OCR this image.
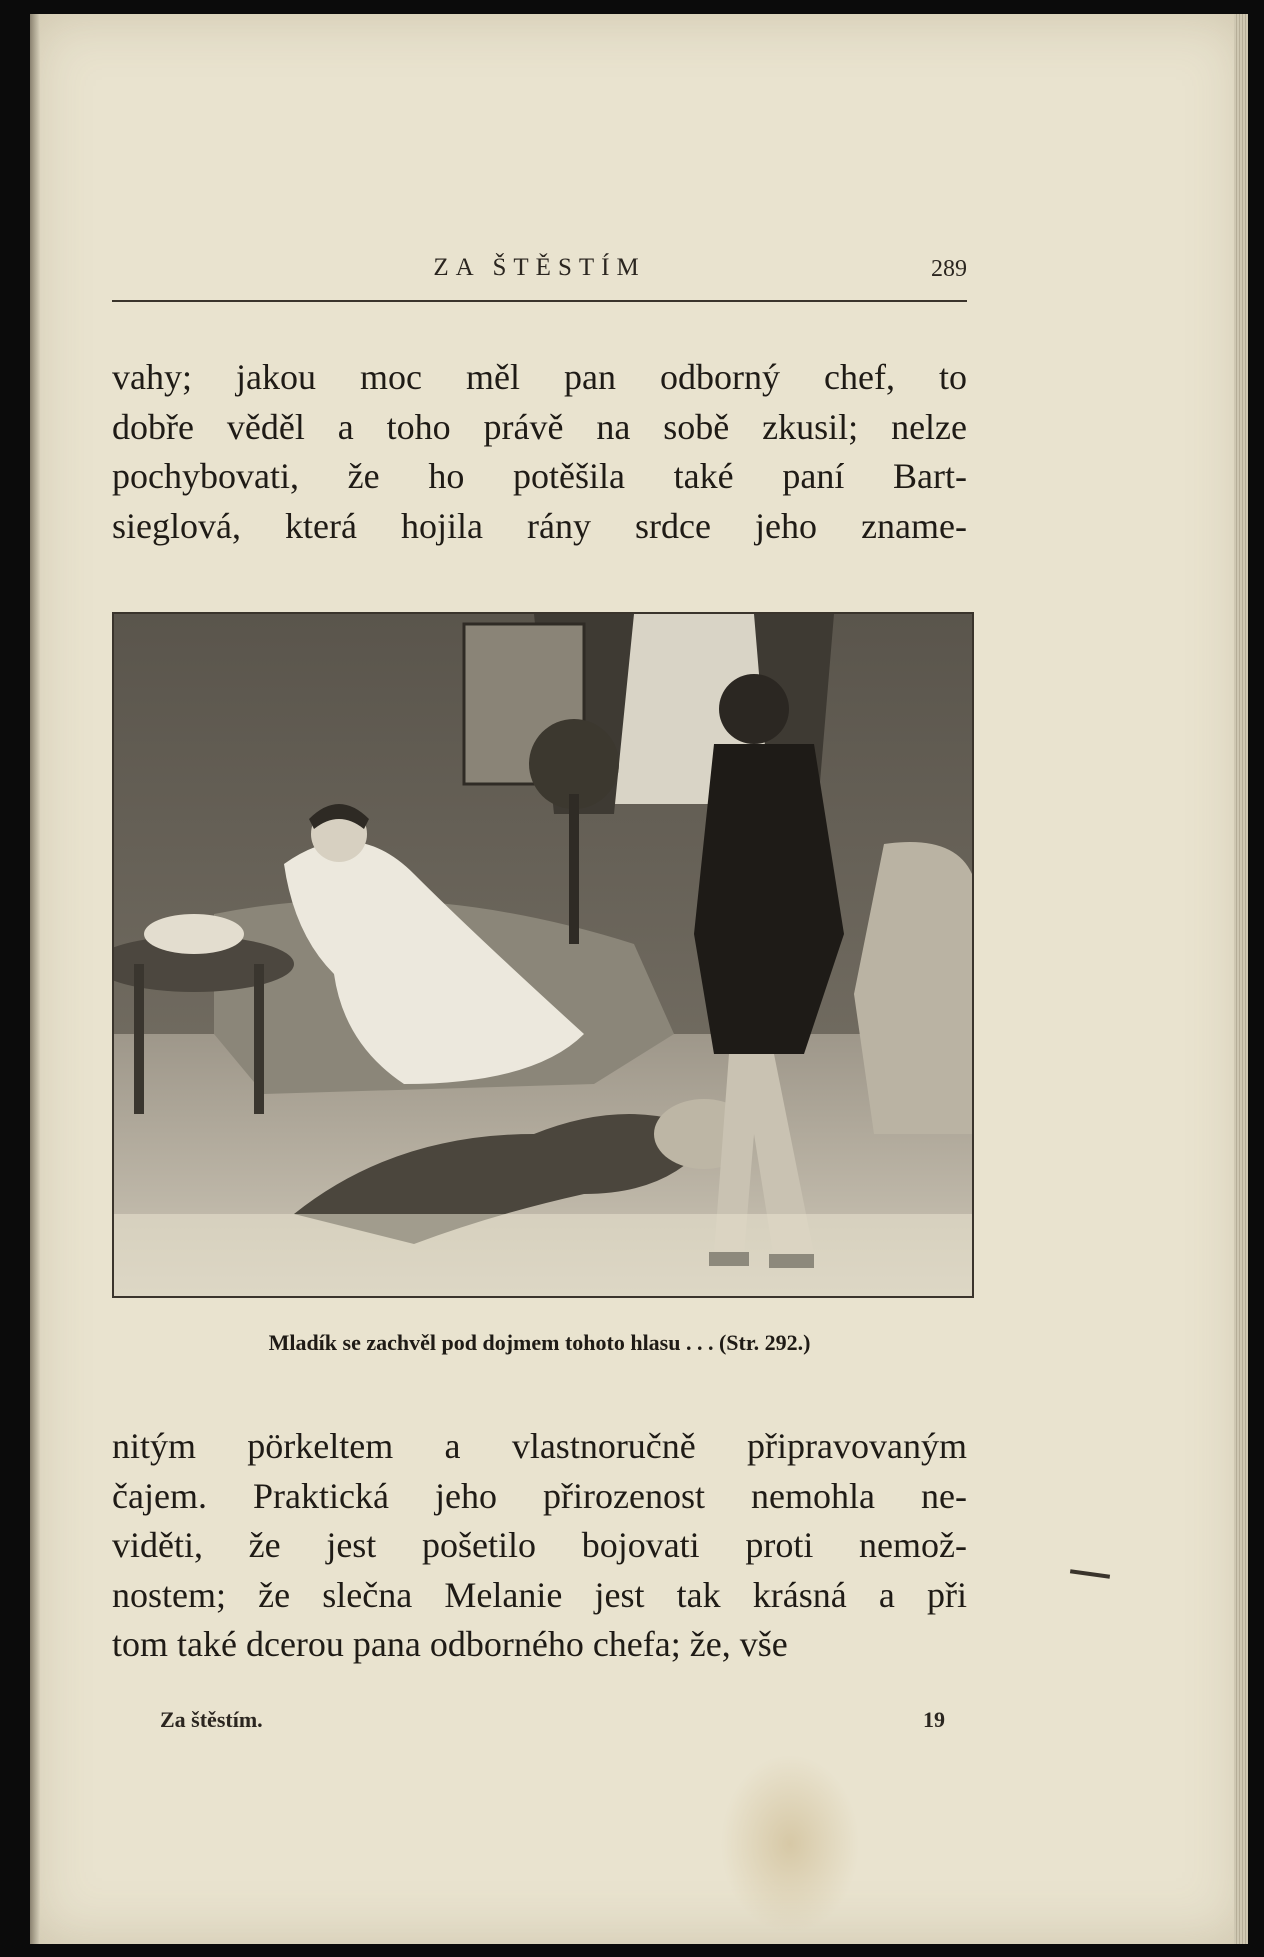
ZA ŠTĚSTÍM	289
vahy; jakou moc měl pan odborný chef, to
dobře věděl a toho právě na sobě zkusil; nelze
pochybovati, že ho potěšila také paní Bart-
sieglová, která hojila rány srdce jeho zname-
Mladík se zachvěl pod dojmem tohoto hlasu . . . (Str. 292.)
nitým pörkeltem a vlastnoručně připravovaným
čajem. Praktická jeho přirozenost nemohla ne-
viděti, že jest pošetilo bojovati proti nemož-
nostem; že slečna Melanie jest tak krásná a při
tom také dcerou pana odborného chefa; že, vše
Za štěstím.	19
